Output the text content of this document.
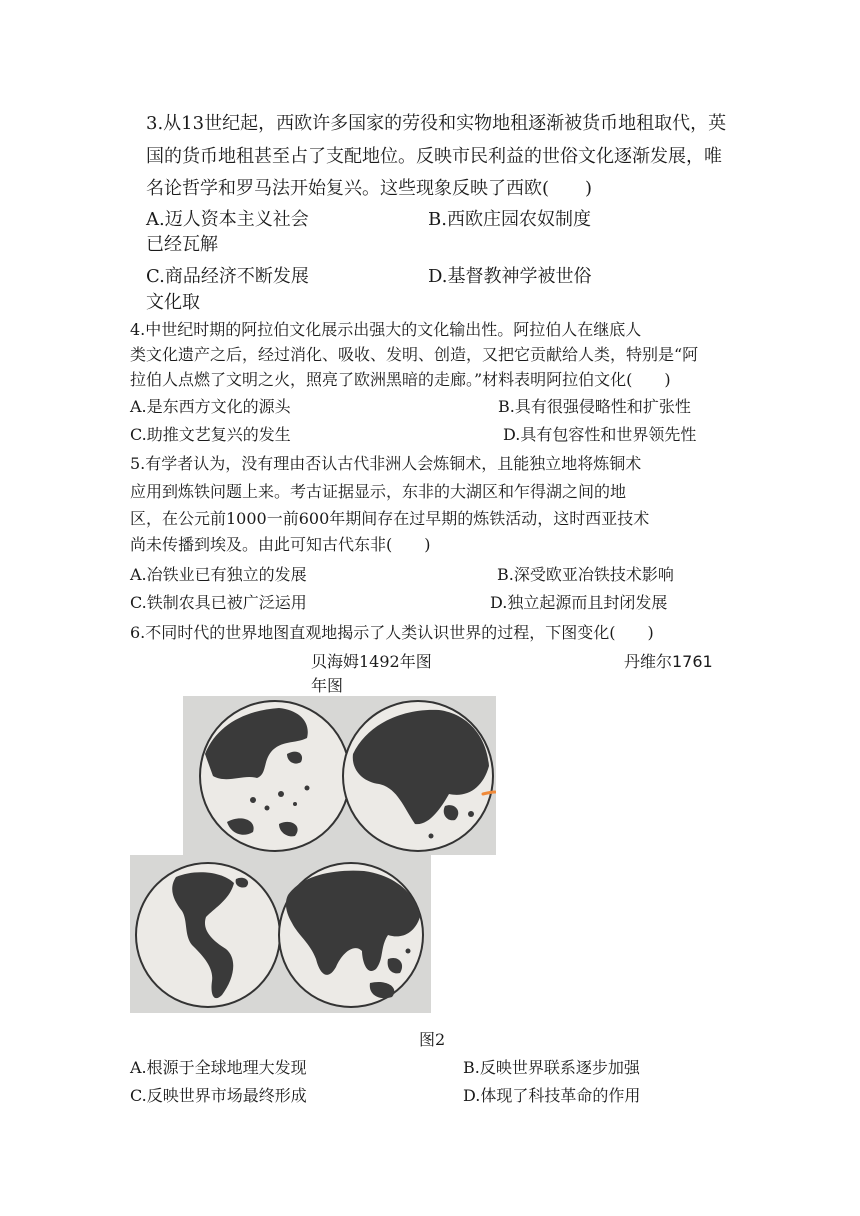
3.从13世纪起，西欧许多国家的劳役和实物地租逐渐被货币地租取代，英
国的货币地租甚至占了支配地位。反映市民利益的世俗文化逐渐发展，唯
名论哲学和罗马法开始复兴。这些现象反映了西欧(　　)
A.迈人资本主义社会	B.西欧庄园农奴制度
已经瓦解
C.商品经济不断发展	D.基督教神学被世俗
文化取
4.中世纪时期的阿拉伯文化展示出强大的文化输出性。阿拉伯人在继底人
类文化遗产之后，经过消化、吸收、发明、创造，又把它贡献给人类，特别是“阿
拉伯人点燃了文明之火，照亮了欧洲黑暗的走廊。”材料表明阿拉伯文化(　　)
A.是东西方文化的源头	B.具有很强侵略性和扩张性
C.助推文艺复兴的发生	D.具有包容性和世界领先性
5.有学者认为，没有理由否认古代非洲人会炼铜术，且能独立地将炼铜术
应用到炼铁问题上来。考古证据显示，东非的大湖区和乍得湖之间的地
区，在公元前1000一前600年期间存在过早期的炼铁活动，这时西亚技术
尚未传播到埃及。由此可知古代东非(　　)
A.冶铁业已有独立的发展	B.深受欧亚冶铁技术影响
C.铁制农具已被广泛运用	D.独立起源而且封闭发展
6.不同时代的世界地图直观地揭示了人类认识世界的过程，下图变化(　　)
贝海姆1492年图
年图
丹维尔1761
图2
A.根源于全球地理大发现	B.反映世界联系逐步加强
C.反映世界市场最终形成	D.体现了科技革命的作用
